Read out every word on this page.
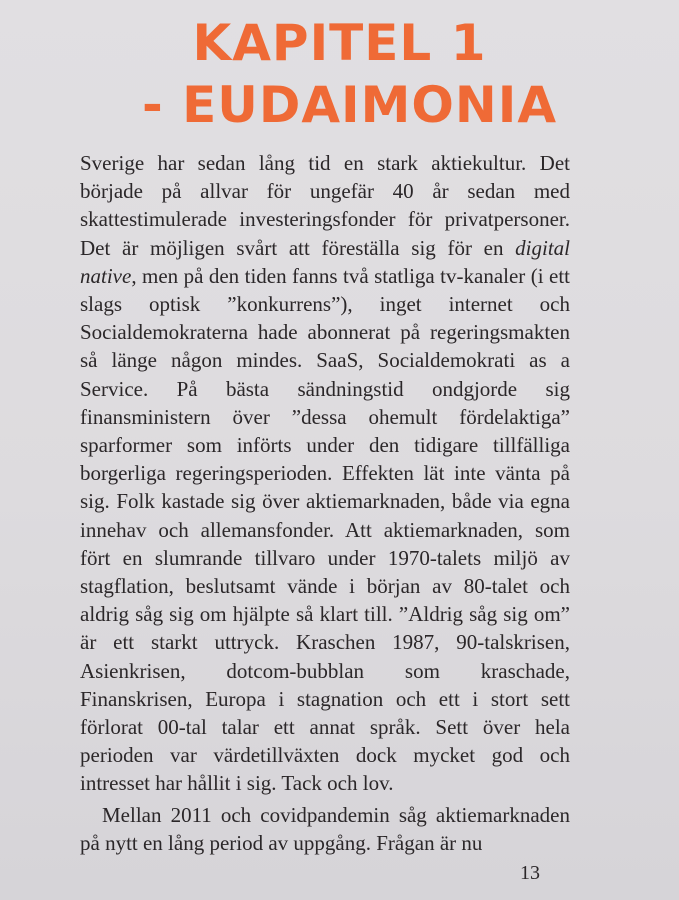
KAPITEL 1
- EUDAIMONIA

Sverige har sedan lång tid en stark aktiekultur. Det började på allvar för ungefär 40 år sedan med skattestimulerade investeringsfonder för privatpersoner. Det är möjligen svårt att föreställa sig för en digital native, men på den tiden fanns två statliga tv-kanaler (i ett slags optisk ”konkurrens”), inget internet och Socialdemokraterna hade abonnerat på regeringsmakten så länge någon mindes. SaaS, Socialdemokrati as a Service. På bästa sändningstid ondgjorde sig finansministern över ”dessa ohemult fördelaktiga” sparformer som införts under den tidigare tillfälliga borgerliga regeringsperioden. Effekten lät inte vänta på sig. Folk kastade sig över aktiemarknaden, både via egna innehav och allemansfonder. Att aktiemarknaden, som fört en slumrande tillvaro under 1970-talets miljö av stagflation, beslutsamt vände i början av 80-talet och aldrig såg sig om hjälpte så klart till. ”Aldrig såg sig om” är ett starkt uttryck. Kraschen 1987, 90-talskrisen, Asienkrisen, dotcom-bubblan som kraschade, Finanskrisen, Europa i stagnation och ett i stort sett förlorat 00-tal talar ett annat språk. Sett över hela perioden var värdetillväxten dock mycket god och intresset har hållit i sig. Tack och lov.

Mellan 2011 och covidpandemin såg aktiemarknaden på nytt en lång period av uppgång. Frågan är nu

13
